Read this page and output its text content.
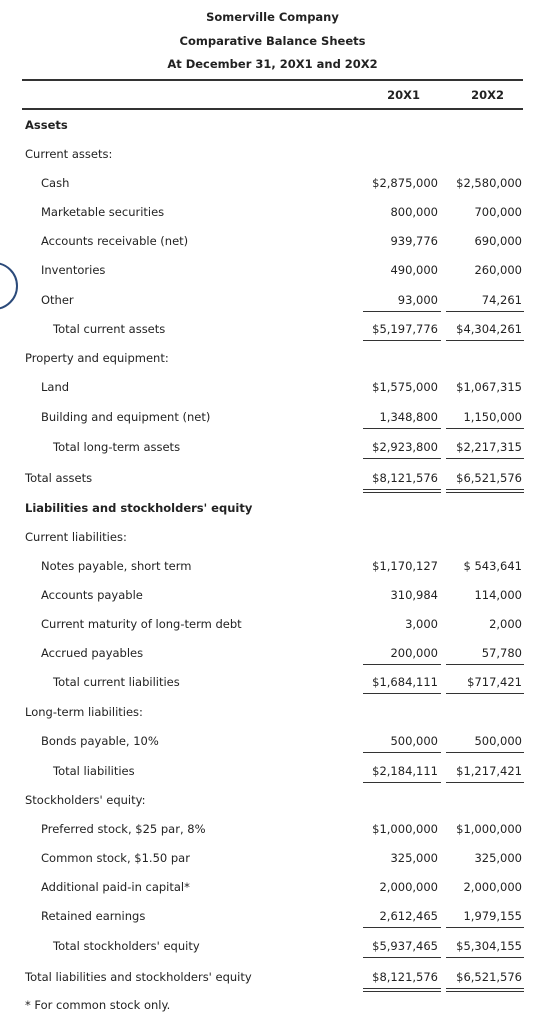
Somerville Company
Comparative Balance Sheets
At December 31, 20X1 and 20X2
20X1	20X2
Assets
Current assets:
Cash	$2,875,000	$2,580,000
Marketable securities	800,000	700,000
Accounts receivable (net)	939,776	690,000
Inventories	490,000	260,000
Other	93,000	74,261
Total current assets	$5,197,776	$4,304,261
Property and equipment:
Land	$1,575,000	$1,067,315
Building and equipment (net)	1,348,800	1,150,000
Total long-term assets	$2,923,800	$2,217,315
Total assets	$8,121,576	$6,521,576
Liabilities and stockholders' equity
Current liabilities:
Notes payable, short term	$1,170,127	$ 543,641
Accounts payable	310,984	114,000
Current maturity of long-term debt	3,000	2,000
Accrued payables	200,000	57,780
Total current liabilities	$1,684,111	$717,421
Long-term liabilities:
Bonds payable, 10%	500,000	500,000
Total liabilities	$2,184,111	$1,217,421
Stockholders' equity:
Preferred stock, $25 par, 8%	$1,000,000	$1,000,000
Common stock, $1.50 par	325,000	325,000
Additional paid-in capital*	2,000,000	2,000,000
Retained earnings	2,612,465	1,979,155
Total stockholders' equity	$5,937,465	$5,304,155
Total liabilities and stockholders' equity	$8,121,576	$6,521,576
* For common stock only.
